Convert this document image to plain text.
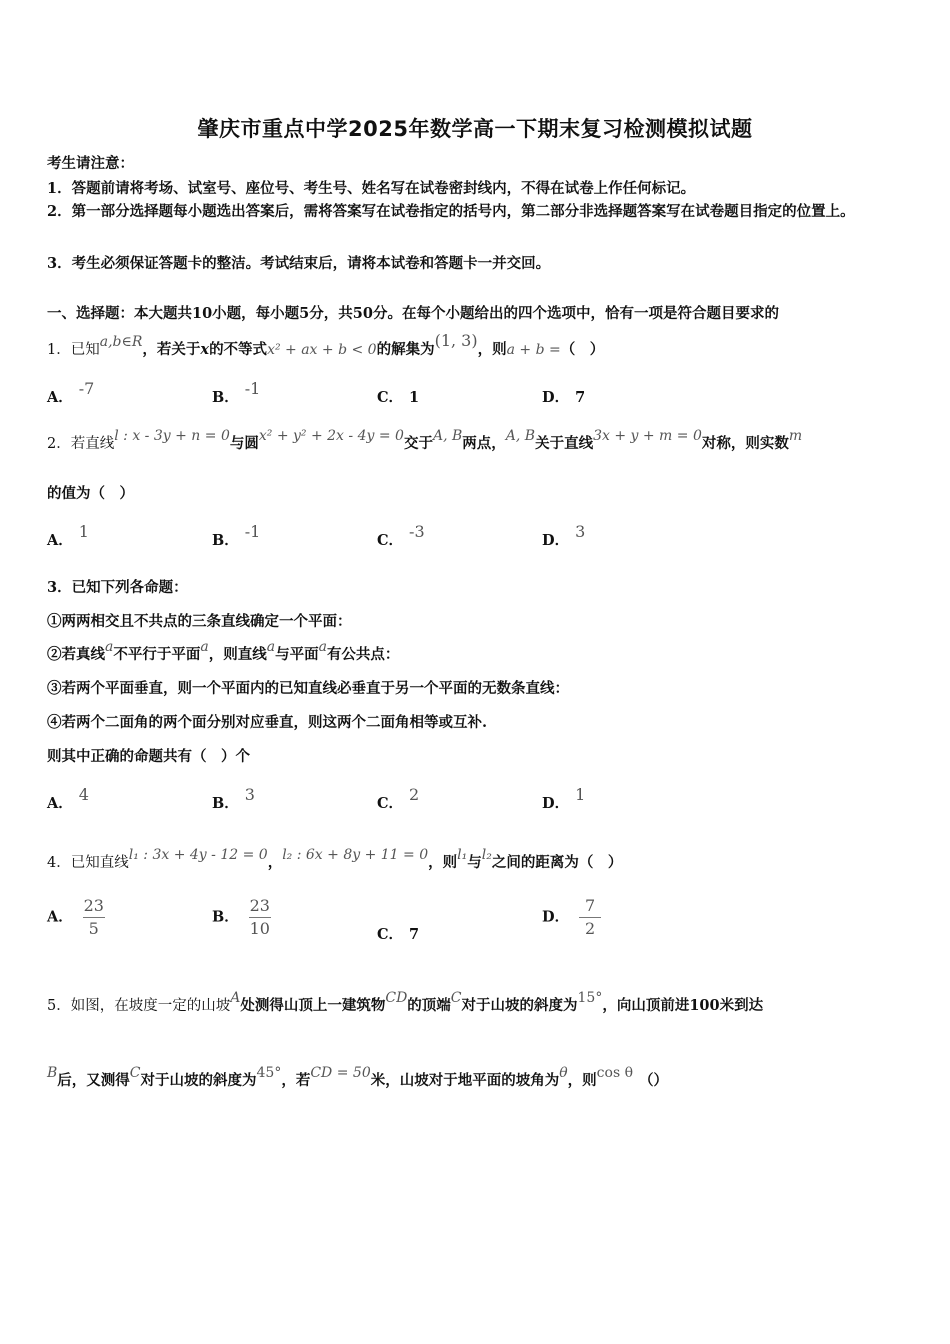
肇庆市重点中学2025年数学高一下期末复习检测模拟试题
考生请注意：
1．答题前请将考场、试室号、座位号、考生号、姓名写在试卷密封线内，不得在试卷上作任何标记。
2．第一部分选择题每小题选出答案后，需将答案写在试卷指定的括号内，第二部分非选择题答案写在试卷题目指定的位置上。
3．考生必须保证答题卡的整洁。考试结束后，请将本试卷和答题卡一并交回。
一、选择题：本大题共10小题，每小题5分，共50分。在每个小题给出的四个选项中，恰有一项是符合题目要求的
1．已知a,b∈R，若关于x的不等式x² + ax + b < 0的解集为(1, 3)，则a + b =（　）
A． -7	B． -1	C． 1	D． 7
2．若直线l : x - 3y + n = 0与圆x² + y² + 2x - 4y = 0交于A, B两点，A, B关于直线3x + y + m = 0对称，则实数m
的值为（　）
A． 1	B． -1	C． -3	D． 3
3．已知下列各命题：
①两两相交且不共点的三条直线确定一个平面：
②若真线a不平行于平面a，则直线a与平面a有公共点：
③若两个平面垂直，则一个平面内的已知直线必垂直于另一个平面的无数条直线：
④若两个二面角的两个面分别对应垂直，则这两个二面角相等或互补.
则其中正确的命题共有（　）个
A． 4	B． 3	C． 2	D． 1
4．已知直线l₁ : 3x + 4y - 12 = 0，l₂ : 6x + 8y + 11 = 0，则l₁与l₂之间的距离为（　）
A． $\frac{23}{5}$	B． $\frac{23}{10}$	C． 7
D． $\frac{7}{2}$
5．如图，在坡度一定的山坡A处测得山顶上一建筑物CD的顶端C对于山坡的斜度为15°，向山顶前进100米到达
B后，又测得C对于山坡的斜度为45°，若CD = 50米，山坡对于地平面的坡角为θ，则cos θ （）
